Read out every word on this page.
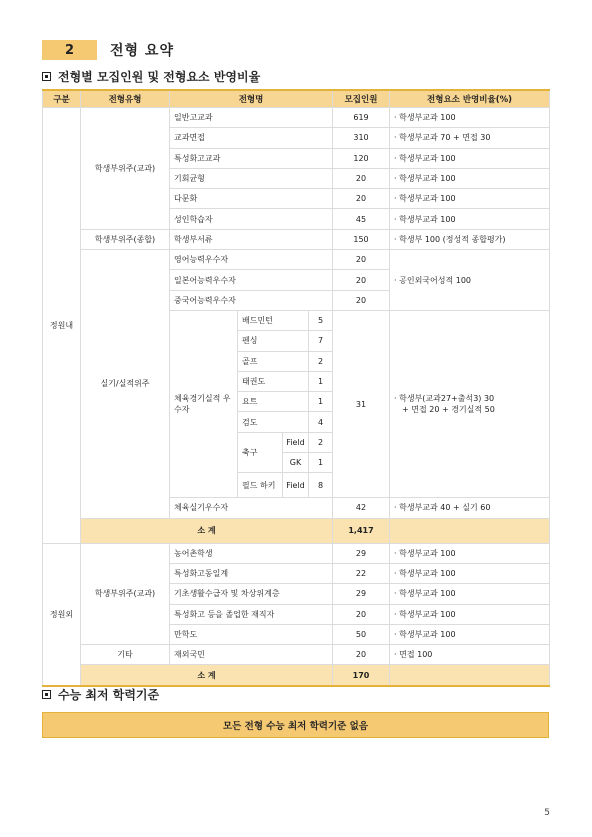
2	전형 요약
전형별 모집인원 및 전형요소 반영비율
구분	전형유형	전형명				모집인원	전형요소 반영비율(%)
정원내	학생부위주(교과)	일반고교과				619	· 학생부교과 100
		교과면접				310	· 학생부교과 70 + 면접 30
		특성화고교과				120	· 학생부교과 100
		기회균형				20	· 학생부교과 100
		다문화				20	· 학생부교과 100
		성인학습자				45	· 학생부교과 100
	학생부위주(종합)	학생부서류				150	· 학생부 100 (정성적 종합평가)
	실기/실적위주	영어능력우수자				20	· 공인외국어성적 100
		일본어능력우수자				20	
		중국어능력우수자				20	
		체육경기실적 우수자	배드민턴		5	31	· 학생부(교과27+출석3) 30
+ 면접 20 + 경기실적 50

			펜싱		7		
			골프		2		
			태권도		1		
			요트		1		
			검도		4		
			축구	Field	2		
				GK	1		
			필드 하키	Field	8		
		체육실기우수자				42	· 학생부교과 40 + 실기 60
	소 계					1,417	
정원외	학생부위주(교과)	농어촌학생				29	· 학생부교과 100
		특성화고동일계				22	· 학생부교과 100
		기초생활수급자 및 차상위계층				29	· 학생부교과 100
		특성화고 등을 졸업한 재직자				20	· 학생부교과 100
		만학도				50	· 학생부교과 100
	기타	재외국민				20	· 면접 100
	소 계					170	
수능 최저 학력기준
모든 전형 수능 최저 학력기준 없음
5
